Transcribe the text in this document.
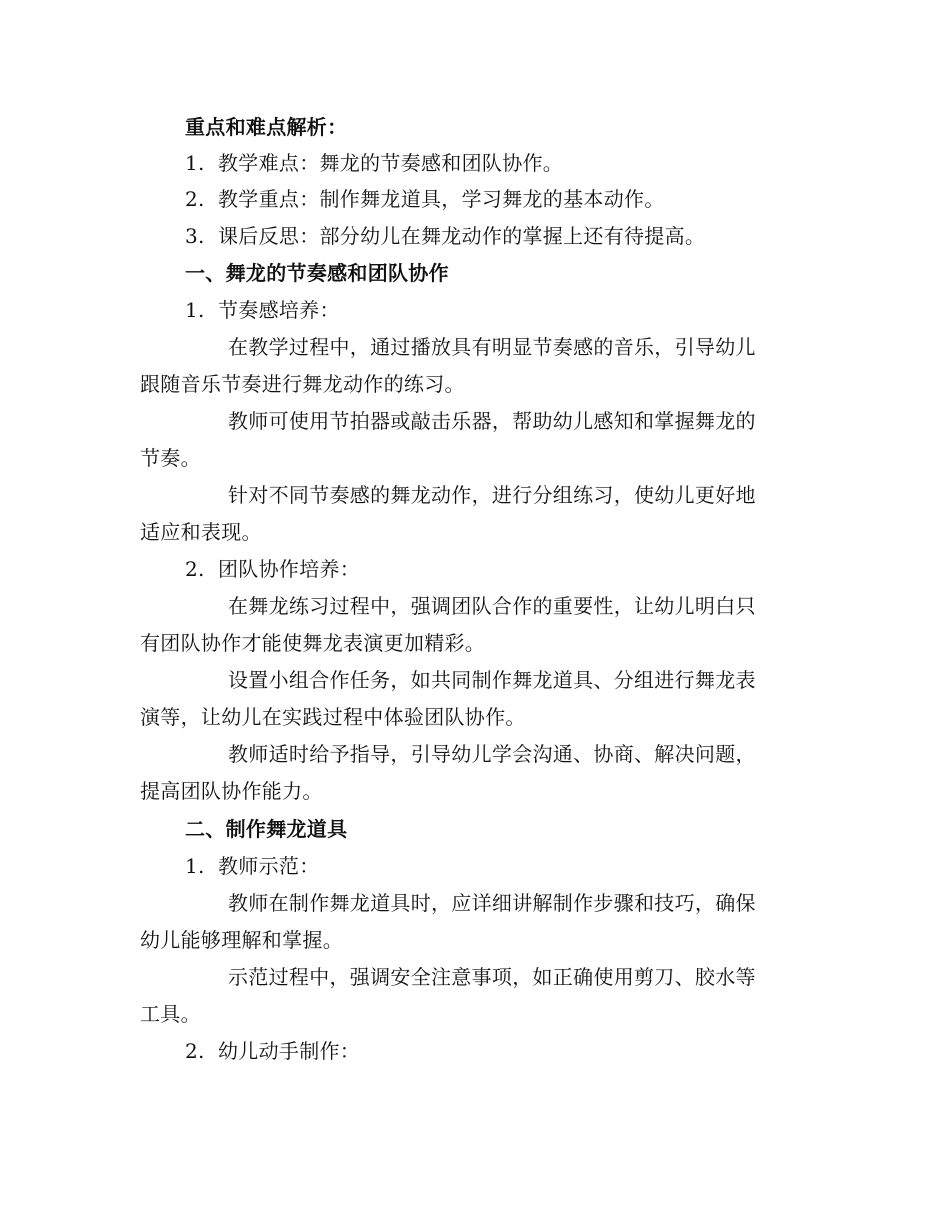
重点和难点解析：
1. 教学难点：舞龙的节奏感和团队协作。
2. 教学重点：制作舞龙道具，学习舞龙的基本动作。
3. 课后反思：部分幼儿在舞龙动作的掌握上还有待提高。
一、舞龙的节奏感和团队协作
1. 节奏感培养：
在教学过程中，通过播放具有明显节奏感的音乐，引导幼儿
跟随音乐节奏进行舞龙动作的练习。
教师可使用节拍器或敲击乐器，帮助幼儿感知和掌握舞龙的
节奏。
针对不同节奏感的舞龙动作，进行分组练习，使幼儿更好地
适应和表现。
2. 团队协作培养：
在舞龙练习过程中，强调团队合作的重要性，让幼儿明白只
有团队协作才能使舞龙表演更加精彩。
设置小组合作任务，如共同制作舞龙道具、分组进行舞龙表
演等，让幼儿在实践过程中体验团队协作。
教师适时给予指导，引导幼儿学会沟通、协商、解决问题，
提高团队协作能力。
二、制作舞龙道具
1. 教师示范：
教师在制作舞龙道具时，应详细讲解制作步骤和技巧，确保
幼儿能够理解和掌握。
示范过程中，强调安全注意事项，如正确使用剪刀、胶水等
工具。
2. 幼儿动手制作：
